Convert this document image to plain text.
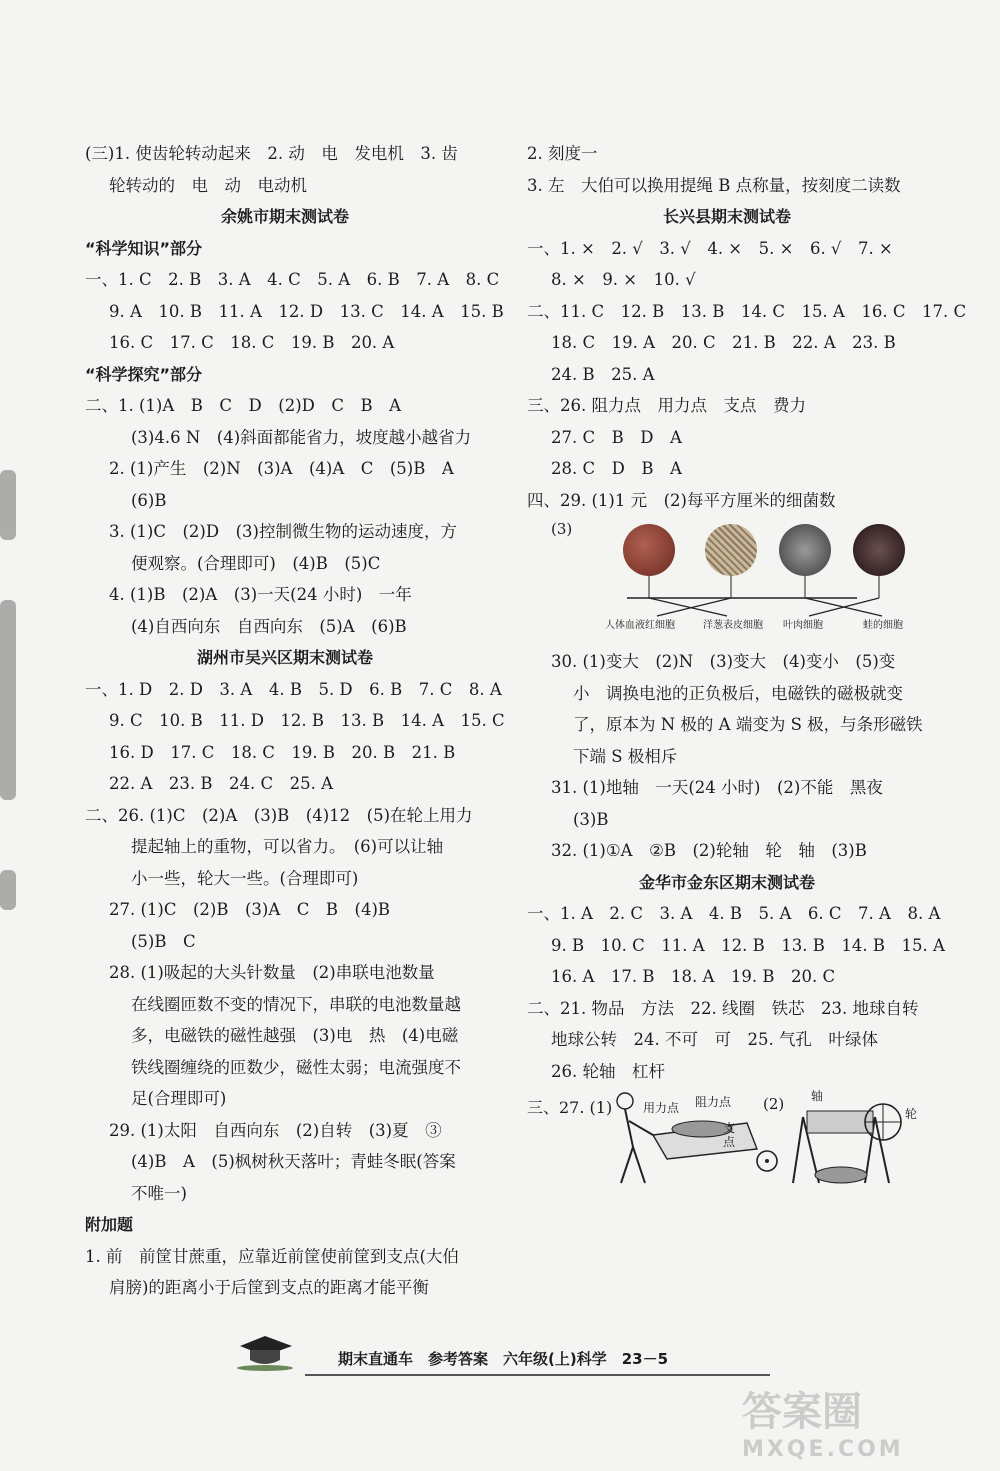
(三)1. 使齿轮转动起来　2. 动　电　发电机　3. 齿
轮转动的　电　动　电动机
余姚市期末测试卷
“科学知识”部分
一、1. C　2. B　3. A　4. C　5. A　6. B　7. A　8. C
9. A　10. B　11. A　12. D　13. C　14. A　15. B
16. C　17. C　18. C　19. B　20. A
“科学探究”部分
二、1. (1)A　B　C　D　(2)D　C　B　A
(3)4.6 N　(4)斜面都能省力，坡度越小越省力
2. (1)产生　(2)N　(3)A　(4)A　C　(5)B　A
(6)B
3. (1)C　(2)D　(3)控制微生物的运动速度，方
便观察。(合理即可)　(4)B　(5)C
4. (1)B　(2)A　(3)一天(24 小时)　一年
(4)自西向东　自西向东　(5)A　(6)B
湖州市吴兴区期末测试卷
一、1. D　2. D　3. A　4. B　5. D　6. B　7. C　8. A
9. C　10. B　11. D　12. B　13. B　14. A　15. C
16. D　17. C　18. C　19. B　20. B　21. B
22. A　23. B　24. C　25. A
二、26. (1)C　(2)A　(3)B　(4)12　(5)在轮上用力
提起轴上的重物，可以省力。　(6)可以让轴
小一些，轮大一些。(合理即可)
27. (1)C　(2)B　(3)A　C　B　(4)B
(5)B　C
28. (1)吸起的大头针数量　(2)串联电池数量
在线圈匝数不变的情况下，串联的电池数量越
多，电磁铁的磁性越强　(3)电　热　(4)电磁
铁线圈缠绕的匝数少，磁性太弱；电流强度不
足(合理即可)
29. (1)太阳　自西向东　(2)自转　(3)夏　③
(4)B　A　(5)枫树秋天落叶；青蛙冬眠(答案
不唯一)
附加题
1. 前　前筐甘蔗重，应靠近前筐使前筐到支点(大伯
肩膀)的距离小于后筐到支点的距离才能平衡
2. 刻度一
3. 左　大伯可以换用提绳 B 点称量，按刻度二读数
长兴县期末测试卷
一、1. ×　2. √　3. √　4. ×　5. ×　6. √　7. ×
8. ×　9. ×　10. √
二、11. C　12. B　13. B　14. C　15. A　16. C　17. C
18. C　19. A　20. C　21. B　22. A　23. B
24. B　25. A
三、26. 阻力点　用力点　支点　费力
27. C　B　D　A
28. C　D　B　A
四、29. (1)1 元　(2)每平方厘米的细菌数
(3)
人体血液红细胞	洋葱表皮细胞 叶肉细胞	蛙的细胞
30. (1)变大　(2)N　(3)变大　(4)变小　(5)变
小　调换电池的正负极后，电磁铁的磁极就变
了，原本为 N 极的 A 端变为 S 极，与条形磁铁
下端 S 极相斥
31. (1)地轴　一天(24 小时)　(2)不能　黑夜
(3)B
32. (1)①A　②B　(2)轮轴　轮　轴　(3)B
金华市金东区期末测试卷
一、1. A　2. C　3. A　4. B　5. A　6. C　7. A　8. A
9. B　10. C　11. A　12. B　13. B　14. B　15. A
16. A　17. B　18. A　19. B　20. C
二、21. 物品　方法　22. 线圈　铁芯　23. 地球自转
地球公转　24. 不可　可　25. 气孔　叶绿体
26. 轮轴　杠杆
三、27. (1)	用力点 阻力点
支点
(2) 轴
轮
期末直通车　参考答案　六年级(上)科学　23－5
答案圈
MXQE.COM
